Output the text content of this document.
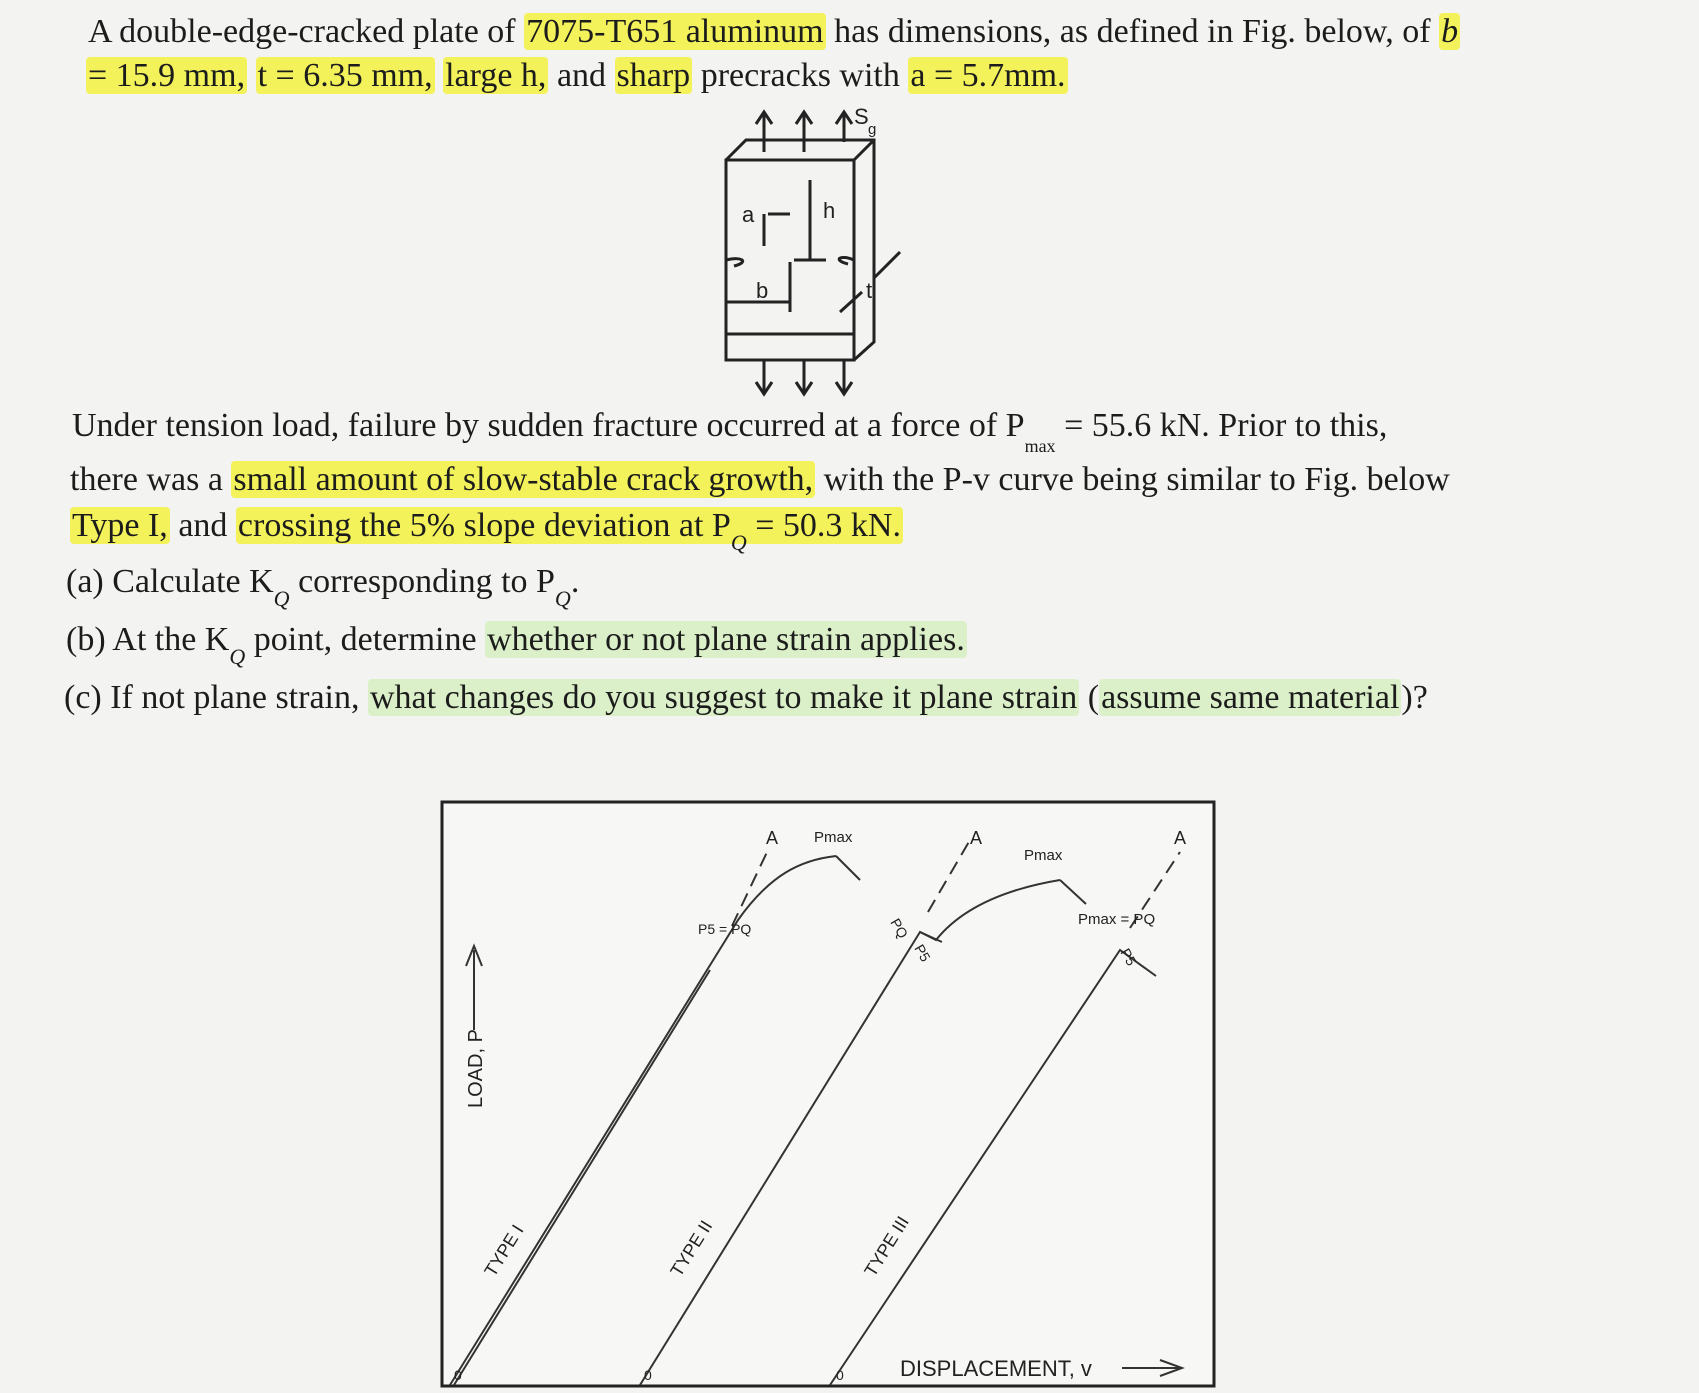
A double-edge-cracked plate of 7075-T651 aluminum has dimensions, as defined in Fig. below, of b
= 15.9 mm, t = 6.35 mm, large h, and sharp precracks with a = 5.7mm.
S
g
a	h
b	t
Under tension load, failure by sudden fracture occurred at a force of $P_{max} = 55.6$ kN. Prior to this,
there was a small amount of slow-stable crack growth, with the P-v curve being similar to Fig. below
Type I, and crossing the 5% slope deviation at $P_Q = 50.3$ kN.
(a) Calculate $K_Q$ corresponding to $P_Q$.
(b) At the $K_Q$ point, determine whether or not plane strain applies.
(c) If not plane strain, what changes do you suggest to make it plane strain (assume same material)?
LOAD, P
DISPLACEMENT, v
TYPE I	TYPE II	TYPE III
0	0	0
A	A	A
Pmax
Pmax
Pmax = PQ
P5 = PQ	PQ
P5	P5
